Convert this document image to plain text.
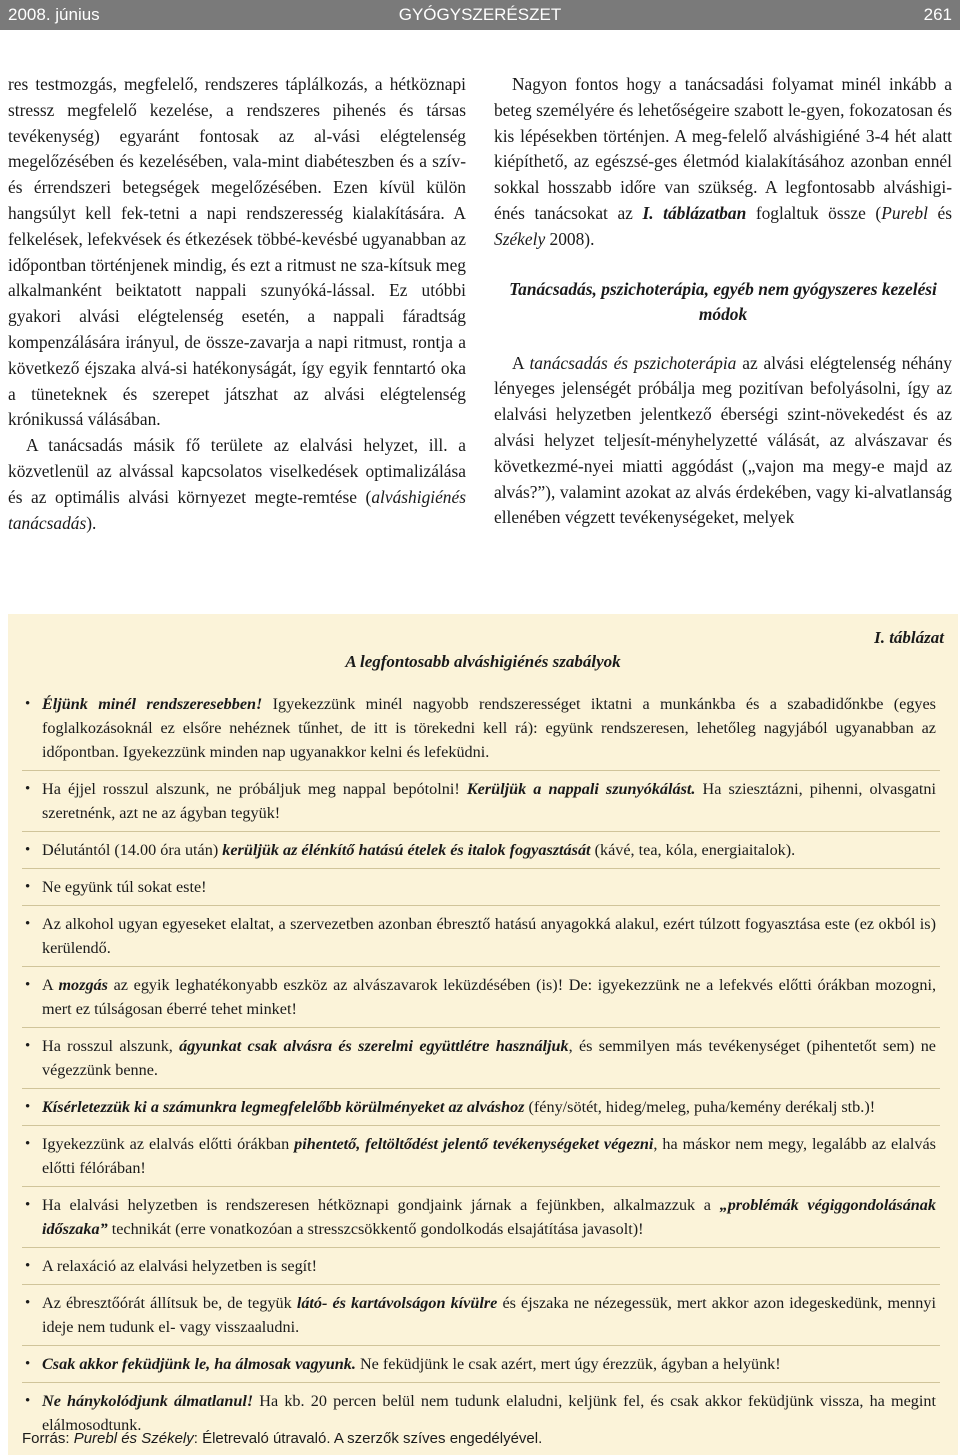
2008. június	GYÓGYSZERÉSZET	261

res testmozgás, megfelelő, rendszeres táplálkozás, a hétköznapi stressz megfelelő kezelése, a rendszeres pihenés és társas tevékenység) egyaránt fontosak az al-vási elégtelenség megelőzésében és kezelésében, vala-mint diabéteszben és a szív- és érrendszeri betegségek megelőzésében. Ezen kívül külön hangsúlyt kell fek-tetni a napi rendszeresség kialakítására. A felkelések, lefekvések és étkezések többé-kevésbé ugyanabban az időpontban történjenek mindig, és ezt a ritmust ne sza-kítsuk meg alkalmanként beiktatott nappali szunyóká-lással. Ez utóbbi gyakori alvási elégtelenség esetén, a nappali fáradtság kompenzálására irányul, de össze-zavarja a napi ritmust, rontja a következő éjszaka alvá-si hatékonyságát, így egyik fenntartó oka a tüneteknek és szerepet játszhat az alvási elégtelenség krónikussá válásában.

A tanácsadás másik fő területe az elalvási helyzet, ill. a közvetlenül az alvással kapcsolatos viselkedések optimalizálása és az optimális alvási környezet megte-remtése (alváshigiénés tanácsadás).

Nagyon fontos hogy a tanácsadási folyamat minél inkább a beteg személyére és lehetőségeire szabott le-gyen, fokozatosan és kis lépésekben történjen. A meg-felelő alváshigiéné 3-4 hét alatt kiépíthető, az egészsé-ges életmód kialakításához azonban ennél sokkal hosszabb időre van szükség. A legfontosabb alváshigi-énés tanácsokat az I. táblázatban foglaltuk össze (Purebl és Székely 2008).

Tanácsadás, pszichoterápia, egyéb nem gyógyszeres kezelési módok

A tanácsadás és pszichoterápia az alvási elégtelenség néhány lényeges jelenségét próbálja meg pozitívan befolyásolni, így az elalvási helyzetben jelentkező éberségi szint-növekedést és az alvási helyzet teljesít-ményhelyzetté válását, az alvászavar és következmé-nyei miatti aggódást („vajon ma megy-e majd az alvás?”), valamint azokat az alvás érdekében, vagy ki-alvatlanság ellenében végzett tevékenységeket, melyek

I. táblázat
A legfontosabb alváshigiénés szabályok
• Éljünk minél rendszeresebben! Igyekezzünk minél nagyobb rendszerességet iktatni a munkánkba és a szabadidőnkbe (egyes foglalkozásoknál ez elsőre nehéznek tűnhet, de itt is törekedni kell rá): együnk rendszeresen, lehetőleg nagyjából ugyanabban az időpontban. Igyekezzünk minden nap ugyanakkor kelni és lefeküdni.
• Ha éjjel rosszul alszunk, ne próbáljuk meg nappal bepótolni! Kerüljük a nappali szunyókálást. Ha sziesztázni, pihenni, olvasgatni szeretnénk, azt ne az ágyban tegyük!
• Délutántól (14.00 óra után) kerüljük az élénkítő hatású ételek és italok fogyasztását (kávé, tea, kóla, energiaitalok).
• Ne együnk túl sokat este!
• Az alkohol ugyan egyeseket elaltat, a szervezetben azonban ébresztő hatású anyagokká alakul, ezért túlzott fogyasztása este (ez okból is) kerülendő.
• A mozgás az egyik leghatékonyabb eszköz az alvászavarok leküzdésében (is)! De: igyekezzünk ne a lefekvés előtti órákban mozogni, mert ez túlságosan éberré tehet minket!
• Ha rosszul alszunk, ágyunkat csak alvásra és szerelmi együttlétre használjuk, és semmilyen más tevékenységet (pihentetőt sem) ne végezzünk benne.
• Kísérletezzük ki a számunkra legmegfelelőbb körülményeket az alváshoz (fény/sötét, hideg/meleg, puha/kemény derékalj stb.)!
• Igyekezzünk az elalvás előtti órákban pihentető, feltöltődést jelentő tevékenységeket végezni, ha máskor nem megy, legalább az elalvás előtti félórában!
• Ha elalvási helyzetben is rendszeresen hétköznapi gondjaink járnak a fejünkben, alkalmazzuk a „problémák végiggondolásának időszaka” technikát (erre vonatkozóan a stresszcsökkentő gondolkodás elsajátítása javasolt)!
• A relaxáció az elalvási helyzetben is segít!
• Az ébresztőórát állítsuk be, de tegyük látó- és kartávolságon kívülre és éjszaka ne nézegessük, mert akkor azon idegeskedünk, mennyi ideje nem tudunk el- vagy visszaaludni.
• Csak akkor feküdjünk le, ha álmosak vagyunk. Ne feküdjünk le csak azért, mert úgy érezzük, ágyban a helyünk!
• Ne hánykolódjunk álmatlanul! Ha kb. 20 percen belül nem tudunk elaludni, keljünk fel, és csak akkor feküdjünk vissza, ha megint elálmosodtunk.
Forrás: Purebl és Székely: Életrevaló útravaló. A szerzők szíves engedélyével.
